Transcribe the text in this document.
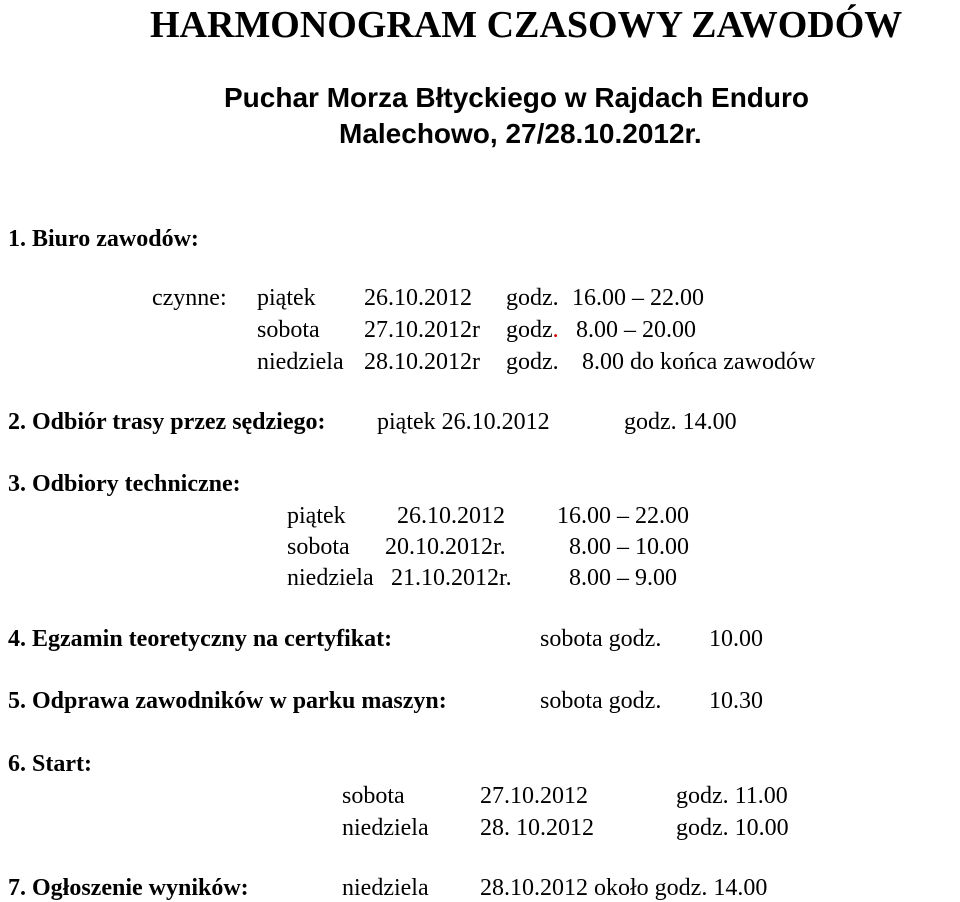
HARMONOGRAM CZASOWY ZAWODÓW
Puchar Morza Błtyckiego w Rajdach Enduro
Malechowo, 27/28.10.2012r.
1. Biuro zawodów:
czynne: piątek 26.10.2012 godz. 16.00 – 22.00
sobota 27.10.2012r godz. 8.00 – 20.00
niedziela 28.10.2012r godz. 8.00 do końca zawodów
2. Odbiór trasy przez sędziego: piątek 26.10.2012	godz. 14.00
3. Odbiory techniczne:
piątek 26.10.2012 16.00 – 22.00
sobota 20.10.2012r.	8.00 – 10.00
niedziela 21.10.2012r. 8.00 – 9.00
4. Egzamin teoretyczny na certyfikat:	sobota godz. 10.00
5. Odprawa zawodników w parku maszyn:	sobota godz. 10.30
6. Start:
sobota	27.10.2012	godz. 11.00
niedziela 28. 10.2012	godz. 10.00
7. Ogłoszenie wyników:	niedziela 28.10.2012 około godz. 14.00
